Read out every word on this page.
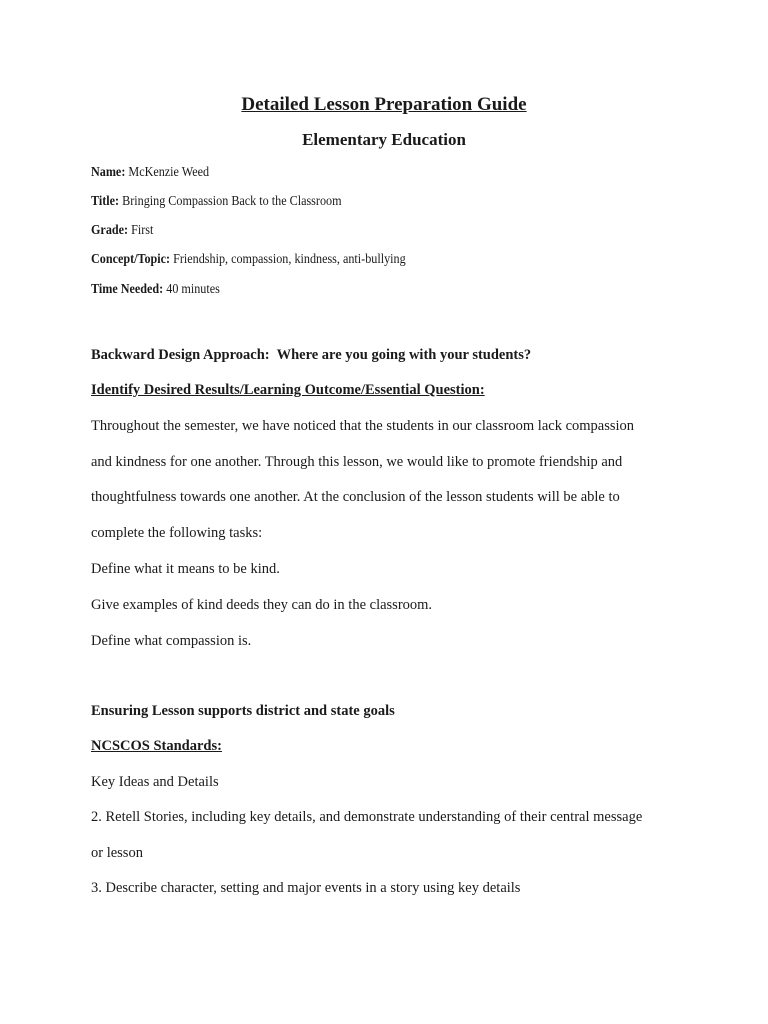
Detailed Lesson Preparation Guide
Elementary Education
Name: McKenzie Weed
Title: Bringing Compassion Back to the Classroom
Grade: First
Concept/Topic: Friendship, compassion, kindness, anti-bullying
Time Needed: 40 minutes
Backward Design Approach:  Where are you going with your students?
Identify Desired Results/Learning Outcome/Essential Question:
Throughout the semester, we have noticed that the students in our classroom lack compassion
and kindness for one another. Through this lesson, we would like to promote friendship and
thoughtfulness towards one another. At the conclusion of the lesson students will be able to
complete the following tasks:
Define what it means to be kind.
Give examples of kind deeds they can do in the classroom.
Define what compassion is.
Ensuring Lesson supports district and state goals
NCSCOS Standards:
Key Ideas and Details
2. Retell Stories, including key details, and demonstrate understanding of their central message
or lesson
3. Describe character, setting and major events in a story using key details
